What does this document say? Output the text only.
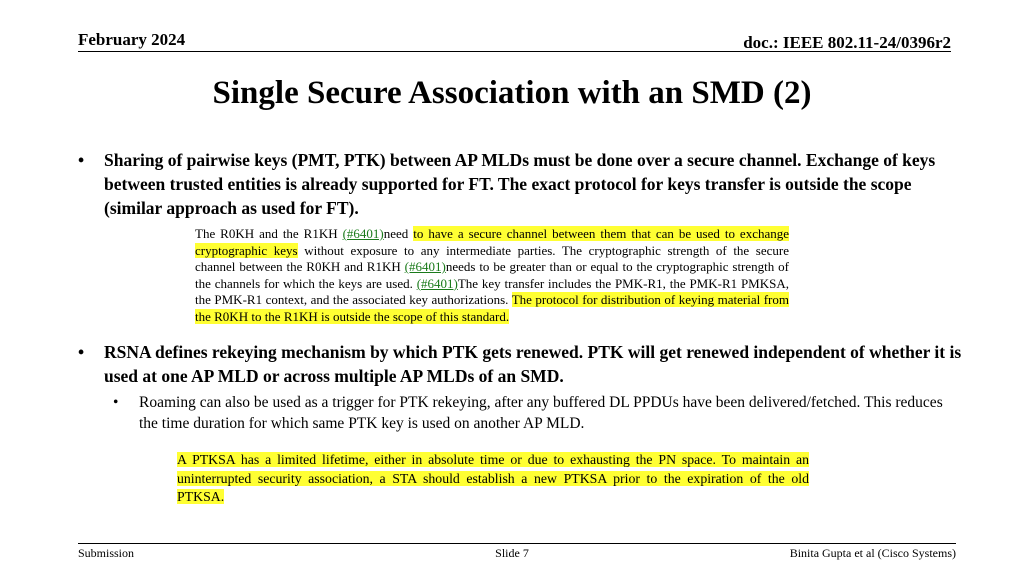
February 2024	doc.: IEEE 802.11-24/0396r2
Single Secure Association with an SMD (2)
• Sharing of pairwise keys (PMT, PTK) between AP MLDs must be done over a secure channel. Exchange of keys between trusted entities is already supported for FT. The exact protocol for keys transfer is outside the scope (similar approach as used for FT).
The R0KH and the R1KH (#6401)need to have a secure channel between them that can be used to exchange cryptographic keys without exposure to any intermediate parties. The cryptographic strength of the secure channel between the R0KH and R1KH (#6401)needs to be greater than or equal to the cryptographic strength of the channels for which the keys are used. (#6401)The key transfer includes the PMK-R1, the PMK-R1 PMKSA, the PMK-R1 context, and the associated key authorizations. The protocol for distribution of keying material from the R0KH to the R1KH is outside the scope of this standard.
• RSNA defines rekeying mechanism by which PTK gets renewed. PTK will get renewed independent of whether it is used at one AP MLD or across multiple AP MLDs of an SMD.
• Roaming can also be used as a trigger for PTK rekeying, after any buffered DL PPDUs have been delivered/fetched. This reduces the time duration for which same PTK key is used on another AP MLD.
A PTKSA has a limited lifetime, either in absolute time or due to exhausting the PN space. To maintain an uninterrupted security association, a STA should establish a new PTKSA prior to the expiration of the old PTKSA.
Submission	Slide 7	Binita Gupta et al (Cisco Systems)
